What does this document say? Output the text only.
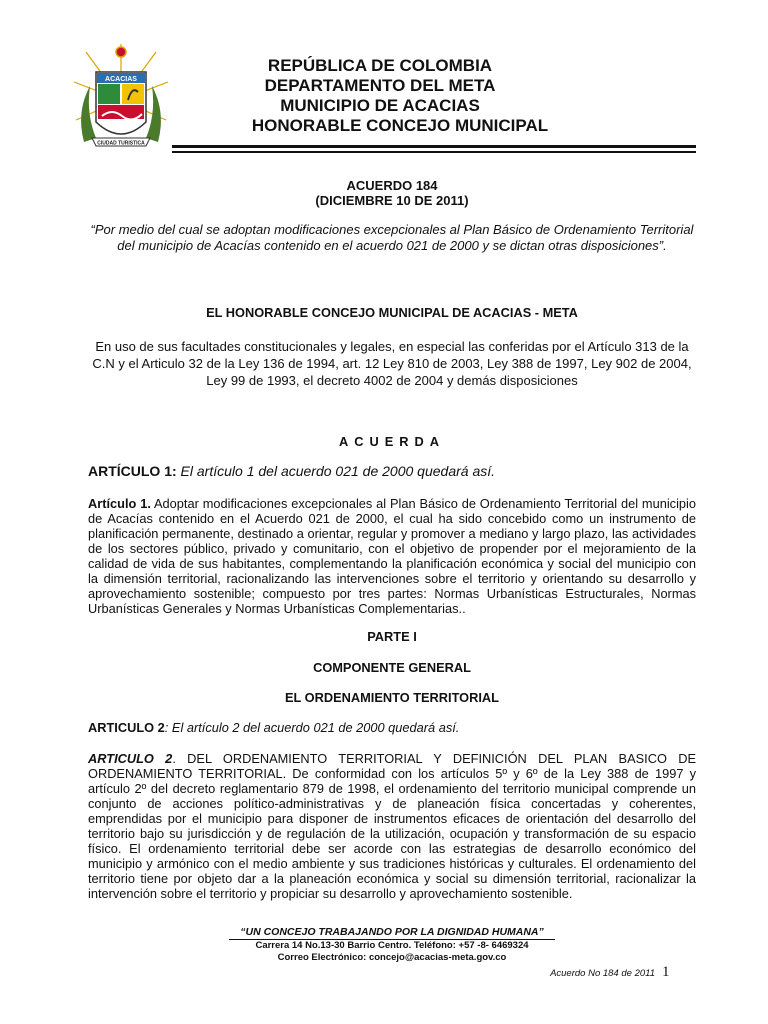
ACACIAS
CIUDAD TURISTICA
REPÚBLICA DE COLOMBIA
DEPARTAMENTO DEL META
MUNICIPIO DE ACACIAS
HONORABLE CONCEJO MUNICIPAL
ACUERDO 184
(DICIEMBRE 10 DE 2011)
“Por medio del cual se adoptan modificaciones excepcionales al Plan Básico de Ordenamiento Territorial del municipio de Acacías contenido en el acuerdo 021 de 2000 y se dictan otras disposiciones”.
EL HONORABLE CONCEJO MUNICIPAL DE ACACIAS - META
En uso de sus facultades constitucionales y legales, en especial las conferidas por el Artículo 313 de la C.N y el Articulo 32 de la Ley 136 de 1994, art. 12 Ley 810 de 2003, Ley 388 de 1997, Ley 902 de 2004, Ley 99 de 1993, el decreto 4002 de 2004 y demás disposiciones
ACUERDA
ARTÍCULO 1: El artículo 1 del acuerdo 021 de 2000 quedará así.
Artículo 1. Adoptar modificaciones excepcionales al Plan Básico de Ordenamiento Territorial del municipio de Acacías contenido en el Acuerdo 021 de 2000, el cual ha sido concebido como un instrumento de planificación permanente, destinado a orientar, regular y promover a mediano y largo plazo, las actividades de los sectores público, privado y comunitario, con el objetivo de propender por el mejoramiento de la calidad de vida de sus habitantes, complementando la planificación económica y social del municipio con la dimensión territorial, racionalizando las intervenciones sobre el territorio y orientando su desarrollo y aprovechamiento sostenible; compuesto por tres partes: Normas Urbanísticas Estructurales, Normas Urbanísticas Generales y Normas Urbanísticas Complementarias..
PARTE I
COMPONENTE GENERAL
EL ORDENAMIENTO TERRITORIAL
ARTICULO 2: El artículo 2 del acuerdo 021 de 2000 quedará así.
ARTICULO 2. DEL ORDENAMIENTO TERRITORIAL Y DEFINICIÓN DEL PLAN BASICO DE ORDENAMIENTO TERRITORIAL. De conformidad con los artículos 5º y 6º de la Ley 388 de 1997 y artículo 2º del decreto reglamentario 879 de 1998, el ordenamiento del territorio municipal comprende un conjunto de acciones político-administrativas y de planeación física concertadas y coherentes, emprendidas por el municipio para disponer de instrumentos eficaces de orientación del desarrollo del territorio bajo su jurisdicción y de regulación de la utilización, ocupación y transformación de su espacio físico. El ordenamiento territorial debe ser acorde con las estrategias de desarrollo económico del municipio y armónico con el medio ambiente y sus tradiciones históricas y culturales. El ordenamiento del territorio tiene por objeto dar a la planeación económica y social su dimensión territorial, racionalizar la intervención sobre el territorio y propiciar su desarrollo y aprovechamiento sostenible.
“UN CONCEJO TRABAJANDO POR LA DIGNIDAD HUMANA”
Carrera 14 No.13-30 Barrio Centro. Teléfono: +57 -8- 6469324
Correo Electrónico: concejo@acacias-meta.gov.co
Acuerdo No 184 de 2011 1
